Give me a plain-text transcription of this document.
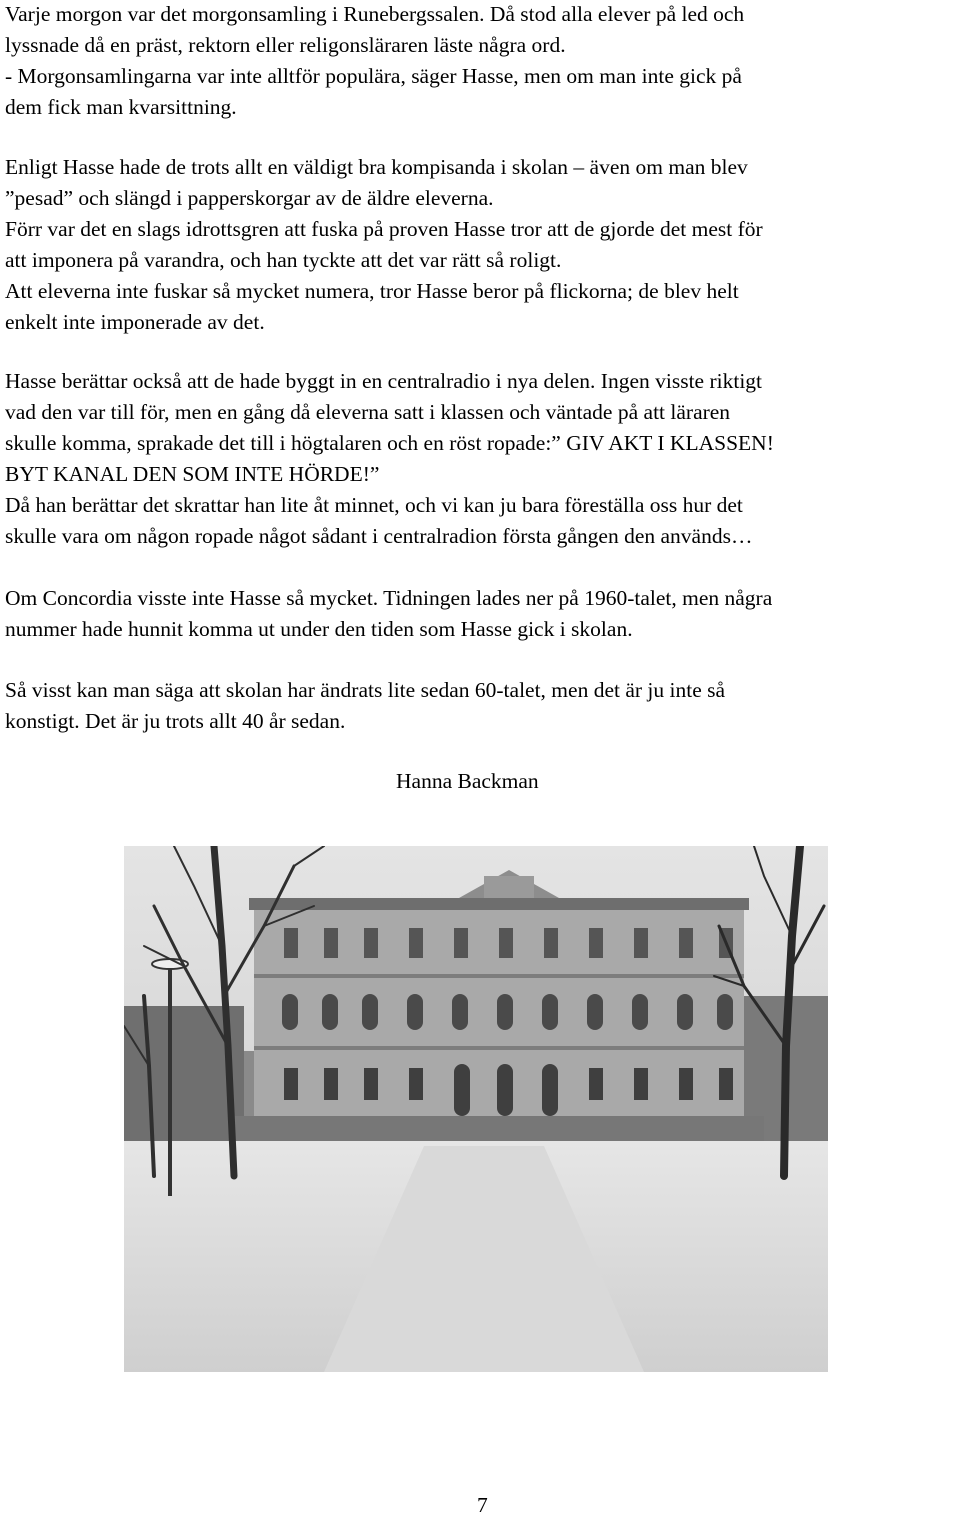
Varje morgon var det morgonsamling i Runebergssalen. Då stod alla elever på led och

lyssnade då en präst, rektorn eller religonsläraren läste några ord.

- Morgonsamlingarna var inte alltför populära, säger Hasse, men om man inte gick på

dem fick man kvarsittning.

Enligt Hasse hade de trots allt en väldigt bra kompisanda i skolan – även om man blev

”pesad” och slängd i papperskorgar av de äldre eleverna.

Förr var det en slags idrottsgren att fuska på proven Hasse tror att de gjorde det mest för

att imponera på varandra, och han tyckte att det var rätt så roligt.

Att eleverna inte fuskar så mycket numera, tror Hasse beror på flickorna; de blev helt

enkelt inte imponerade av det.

Hasse berättar också att de hade byggt in en centralradio i nya delen. Ingen visste riktigt

vad den var till för, men en gång då eleverna satt i klassen och väntade på att läraren

skulle komma, sprakade det till i högtalaren och en röst ropade:” GIV AKT I KLASSEN!

BYT KANAL DEN SOM INTE HÖRDE!”

Då han berättar det skrattar han lite åt minnet, och vi kan ju bara föreställa oss hur det

skulle vara om någon ropade något sådant i centralradion första gången den används…

Om Concordia visste inte Hasse så mycket. Tidningen lades ner på 1960-talet, men några

nummer hade hunnit komma ut under den tiden som Hasse gick i skolan.

Så visst kan man säga att skolan har ändrats lite sedan 60-talet, men det är ju inte så

konstigt. Det är ju trots allt 40 år sedan.

Hanna Backman
7
